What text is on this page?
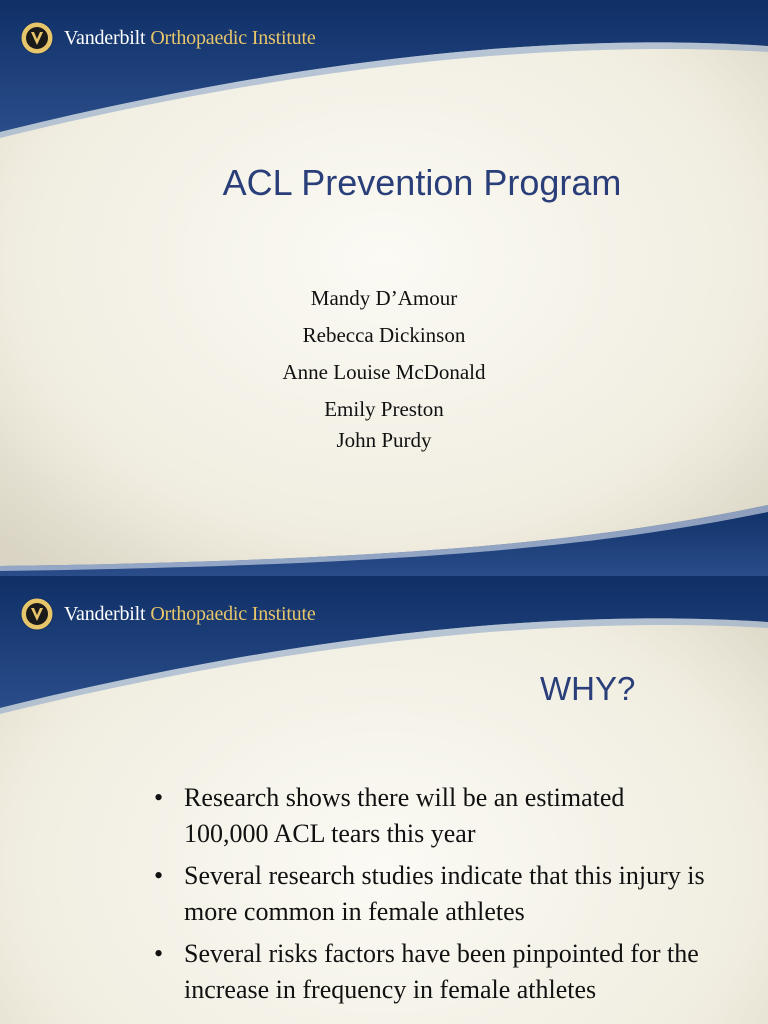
Vanderbilt Orthopaedic Institute
ACL Prevention Program
Mandy D’Amour
Rebecca Dickinson
Anne Louise McDonald
Emily Preston
John Purdy
Vanderbilt Orthopaedic Institute
WHY?
• Research shows there will be an estimated 100,000 ACL tears this year
• Several research studies indicate that this injury is more common in female athletes
• Several risks factors have been pinpointed for the increase in frequency in female athletes
